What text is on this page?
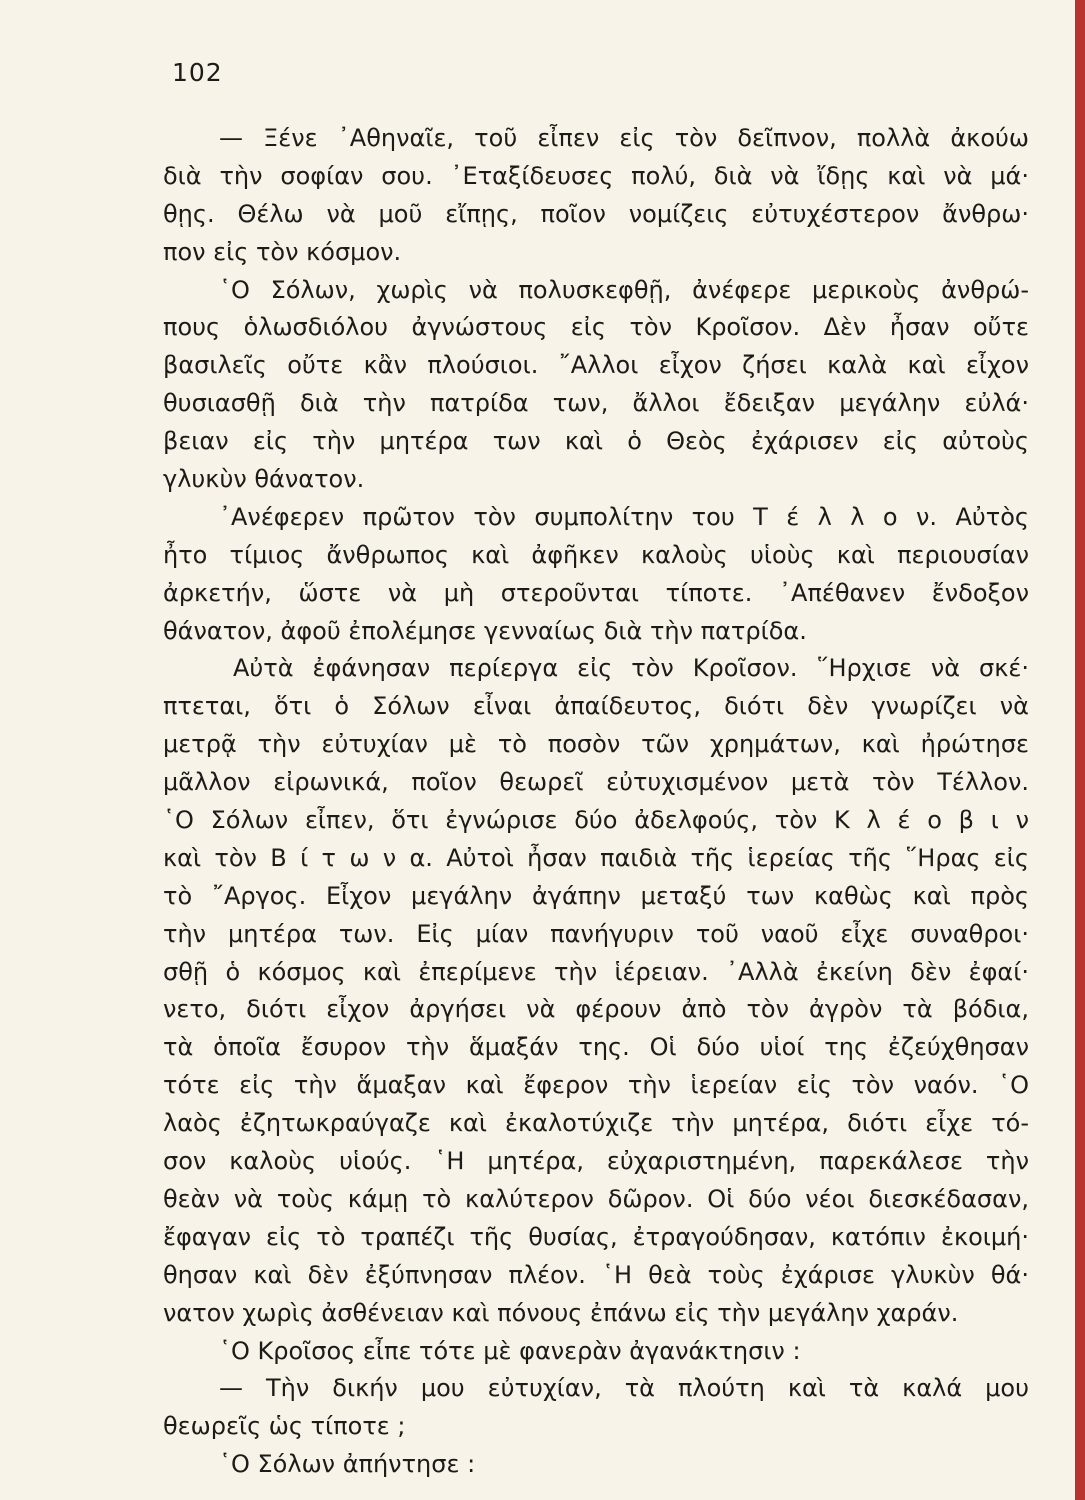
102
— Ξένε ᾿Αθηναῖε, τοῦ εἶπεν εἰς τὸν δεῖπνον, πολλὰ ἀκούω
διὰ τὴν σοφίαν σου. ᾿Εταξίδευσες πολύ, διὰ νὰ ἴδῃς καὶ νὰ μά·
θῃς. Θέλω νὰ μοῦ εἴπῃς, ποῖον νομίζεις εὐτυχέστερον ἄνθρω·
πον εἰς τὸν κόσμον.
῾Ο Σόλων, χωρὶς νὰ πολυσκεφθῇ, ἀνέφερε μερικοὺς ἀνθρώ-
πους ὁλωσδιόλου ἀγνώστους εἰς τὸν Κροῖσον. Δὲν ἦσαν οὔτε
βασιλεῖς οὔτε κἂν πλούσιοι. ῎Αλλοι εἶχον ζήσει καλὰ καὶ εἶχον
θυσιασθῇ διὰ τὴν πατρίδα των, ἄλλοι ἔδειξαν μεγάλην εὐλά·
βειαν εἰς τὴν μητέρα των καὶ ὁ Θεὸς ἐχάρισεν εἰς αὐτοὺς
γλυκὺν θάνατον.
᾿Ανέφερεν πρῶτον τὸν συμπολίτην του Τ έ λ λ ο ν. Αὐτὸς
ἦτο τίμιος ἄνθρωπος καὶ ἀφῆκεν καλοὺς υἱοὺς καὶ περιουσίαν
ἀρκετήν, ὥστε νὰ μὴ στεροῦνται τίποτε. ᾿Απέθανεν ἔνδοξον
θάνατον, ἀφοῦ ἐπολέμησε γενναίως διὰ τὴν πατρίδα.
Αὐτὰ ἐφάνησαν περίεργα εἰς τὸν Κροῖσον. ῞Ηρχισε νὰ σκέ·
πτεται, ὅτι ὁ Σόλων εἶναι ἀπαίδευτος, διότι δὲν γνωρίζει νὰ
μετρᾷ τὴν εὐτυχίαν μὲ τὸ ποσὸν τῶν χρημάτων, καὶ ἠρώτησε
μᾶλλον εἰρωνικά, ποῖον θεωρεῖ εὐτυχισμένον μετὰ τὸν Τέλλον.
῾Ο Σόλων εἶπεν, ὅτι ἐγνώρισε δύο ἀδελφούς, τὸν Κ λ έ ο β ι ν
καὶ τὸν Β ί τ ω ν α. Αὐτοὶ ἦσαν παιδιὰ τῆς ἱερείας τῆς ῞Ηρας εἰς
τὸ ῎Αργος. Εἶχον μεγάλην ἀγάπην μεταξύ των καθὼς καὶ πρὸς
τὴν μητέρα των. Εἰς μίαν πανήγυριν τοῦ ναοῦ εἶχε συναθροι·
σθῇ ὁ κόσμος καὶ ἐπερίμενε τὴν ἱέρειαν. ᾿Αλλὰ ἐκείνη δὲν ἐφαί·
νετο, διότι εἶχον ἀργήσει νὰ φέρουν ἀπὸ τὸν ἀγρὸν τὰ βόδια,
τὰ ὁποῖα ἔσυρον τὴν ἅμαξάν της. Οἱ δύο υἱοί της ἐζεύχθησαν
τότε εἰς τὴν ἅμαξαν καὶ ἔφερον τὴν ἱερείαν εἰς τὸν ναόν. ῾Ο
λαὸς ἐζητωκραύγαζε καὶ ἐκαλοτύχιζε τὴν μητέρα, διότι εἶχε τό-
σον καλοὺς υἱούς. ῾Η μητέρα, εὐχαριστημένη, παρεκάλεσε τὴν
θεὰν νὰ τοὺς κάμῃ τὸ καλύτερον δῶρον. Οἱ δύο νέοι διεσκέδασαν,
ἔφαγαν εἰς τὸ τραπέζι τῆς θυσίας, ἐτραγούδησαν, κατόπιν ἐκοιμή·
θησαν καὶ δὲν ἐξύπνησαν πλέον. ῾Η θεὰ τοὺς ἐχάρισε γλυκὺν θά·
νατον χωρὶς ἀσθένειαν καὶ πόνους ἐπάνω εἰς τὴν μεγάλην χαράν.
῾Ο Κροῖσος εἶπε τότε μὲ φανερὰν ἀγανάκτησιν :
— Τὴν δικήν μου εὐτυχίαν, τὰ πλούτη καὶ τὰ καλά μου
θεωρεῖς ὡς τίποτε ;
῾Ο Σόλων ἀπήντησε :
